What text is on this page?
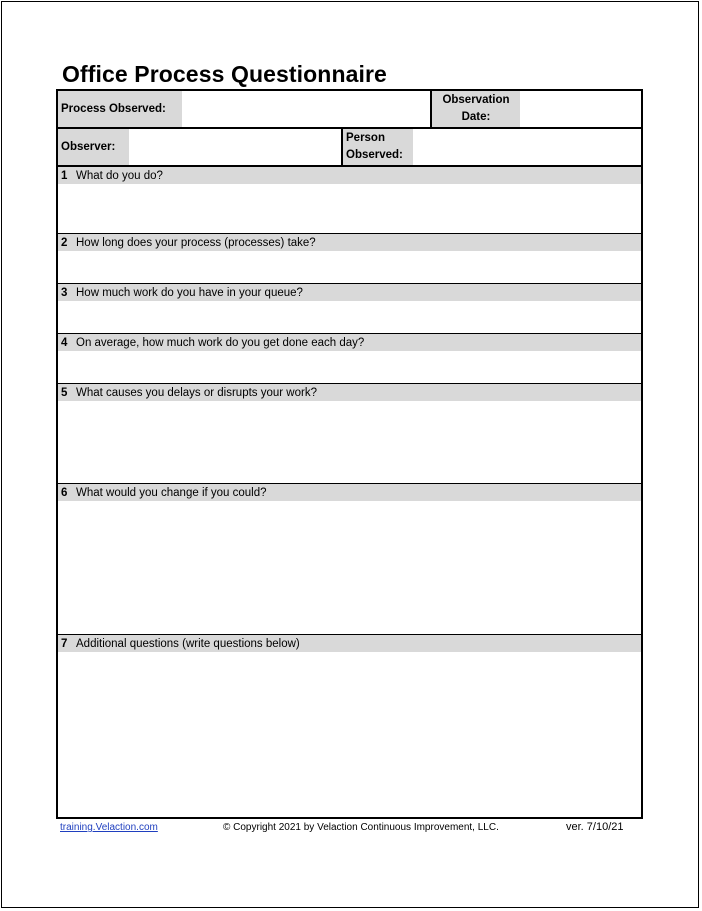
Office Process Questionnaire
Process Observed:
Observation
Date:
Observer:
Person
Observed:
1 What do you do?
2 How long does your process (processes) take?
3 How much work do you have in your queue?
4 On average, how much work do you get done each day?
5 What causes you delays or disrupts your work?
6 What would you change if you could?
7 Additional questions (write questions below)
training.Velaction.com	© Copyright 2021 by Velaction Continuous Improvement, LLC.	ver. 7/10/21
